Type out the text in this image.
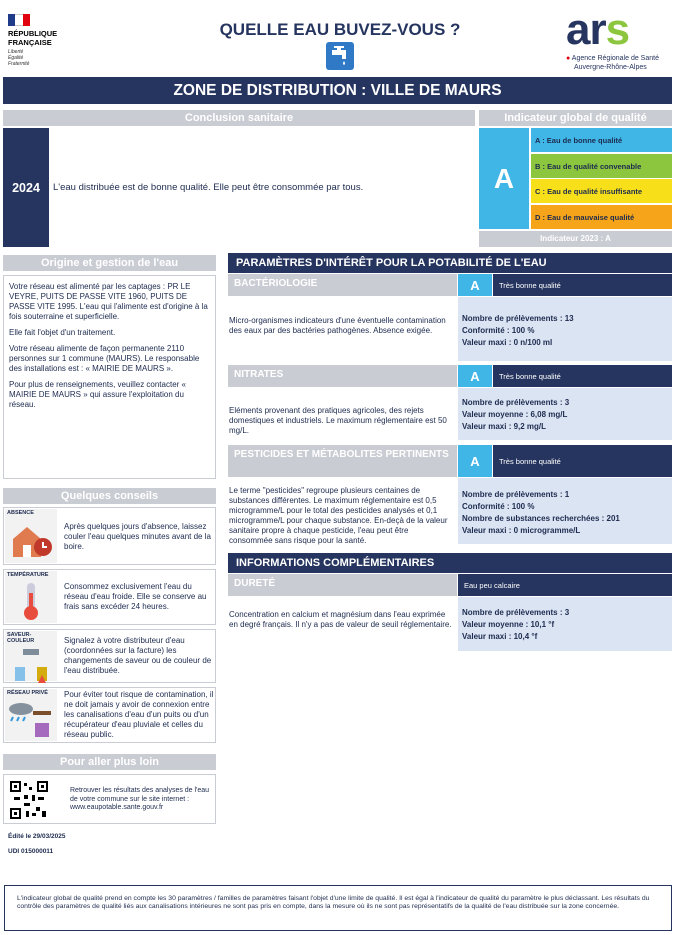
RÉPUBLIQUE
FRANÇAISE
Liberté
Égalité
Fraternité
QUELLE EAU BUVEZ-VOUS ?	ars
● Agence Régionale de Santé
Auvergne-Rhône-Alpes
ZONE DE DISTRIBUTION : VILLE DE MAURS
Conclusion sanitaire
2024 L'eau distribuée est de bonne qualité. Elle peut être consommée par tous.
Indicateur global de qualité
A
A : Eau de bonne qualité
B : Eau de qualité convenable
C : Eau de qualité insuffisante
D : Eau de mauvaise qualité
Indicateur 2023 : A
Origine et gestion de l'eau
Votre réseau est alimenté par les captages : PR LE VEYRE, PUITS DE PASSE VITE 1960, PUITS DE PASSE VITE 1995. L'eau qui l'alimente est d'origine à la fois souterraine et superficielle.
Elle fait l'objet d'un traitement.
Votre réseau alimente de façon permanente 2110 personnes sur 1 commune (MAURS). Le responsable des installations est : « MAIRIE DE MAURS ».
Pour plus de renseignements, veuillez contacter « MAIRIE DE MAURS » qui assure l'exploitation du réseau.
Quelques conseils
ABSENCE
Après quelques jours d'absence, laissez couler l'eau quelques minutes avant de la boire.
TEMPÉRATURE
Consommez exclusivement l'eau du réseau d'eau froide. Elle se conserve au frais sans excéder 24 heures.
SAVEUR-COULEUR	Signalez à votre distributeur d'eau (coordonnées sur la facture) les changements de saveur ou de couleur de l'eau distribuée.
RÉSEAU PRIVÉ	Pour éviter tout risque de contamination, il ne doit jamais y avoir de connexion entre les canalisations d'eau d'un puits ou d'un récupérateur d'eau pluviale et celles du réseau public.
Pour aller plus loin
Retrouver les résultats des analyses de l'eau de votre commune sur le site internet : www.eaupotable.sante.gouv.fr
Édité le 29/03/2025
UDI 015000011
PARAMÈTRES D'INTÉRÊT POUR LA POTABILITÉ DE L'EAU
BACTÉRIOLOGIE	A	Très bonne qualité
Micro-organismes indicateurs d'une éventuelle contamination des eaux par des bactéries pathogènes. Absence exigée.
Nombre de prélèvements : 13
Conformité : 100 %
Valeur maxi : 0 n/100 ml
NITRATES	A	Très bonne qualité
Eléments provenant des pratiques agricoles, des rejets domestiques et industriels. Le maximum réglementaire est 50 mg/L.
Nombre de prélèvements : 3
Valeur moyenne : 6,08 mg/L
Valeur maxi : 9,2 mg/L
PESTICIDES ET MÉTABOLITES PERTINENTS	A	Très bonne qualité
Le terme "pesticides" regroupe plusieurs centaines de substances différentes. Le maximum réglementaire est 0,5 microgramme/L pour le total des pesticides analysés et 0,1 microgramme/L pour chaque substance. En-deçà de la valeur sanitaire propre à chaque pesticide, l'eau peut être consommée sans risque pour la santé.
Nombre de prélèvements : 1
Conformité : 100 %
Nombre de substances recherchées : 201
Valeur maxi : 0 microgramme/L
INFORMATIONS COMPLÉMENTAIRES
DURETÉ	Eau peu calcaire
Concentration en calcium et magnésium dans l'eau exprimée en degré français. Il n'y a pas de valeur de seuil réglementaire.
Nombre de prélèvements : 3
Valeur moyenne : 10,1 °f
Valeur maxi : 10,4 °f
L'indicateur global de qualité prend en compte les 30 paramètres / familles de paramètres faisant l'objet d'une limite de qualité. Il est égal à l'indicateur de qualité du paramètre le plus déclassant. Les résultats du contrôle des paramètres de qualité liés aux canalisations intérieures ne sont pas pris en compte, dans la mesure où ils ne sont pas représentatifs de la qualité de l'eau distribuée sur la zone concernée.
